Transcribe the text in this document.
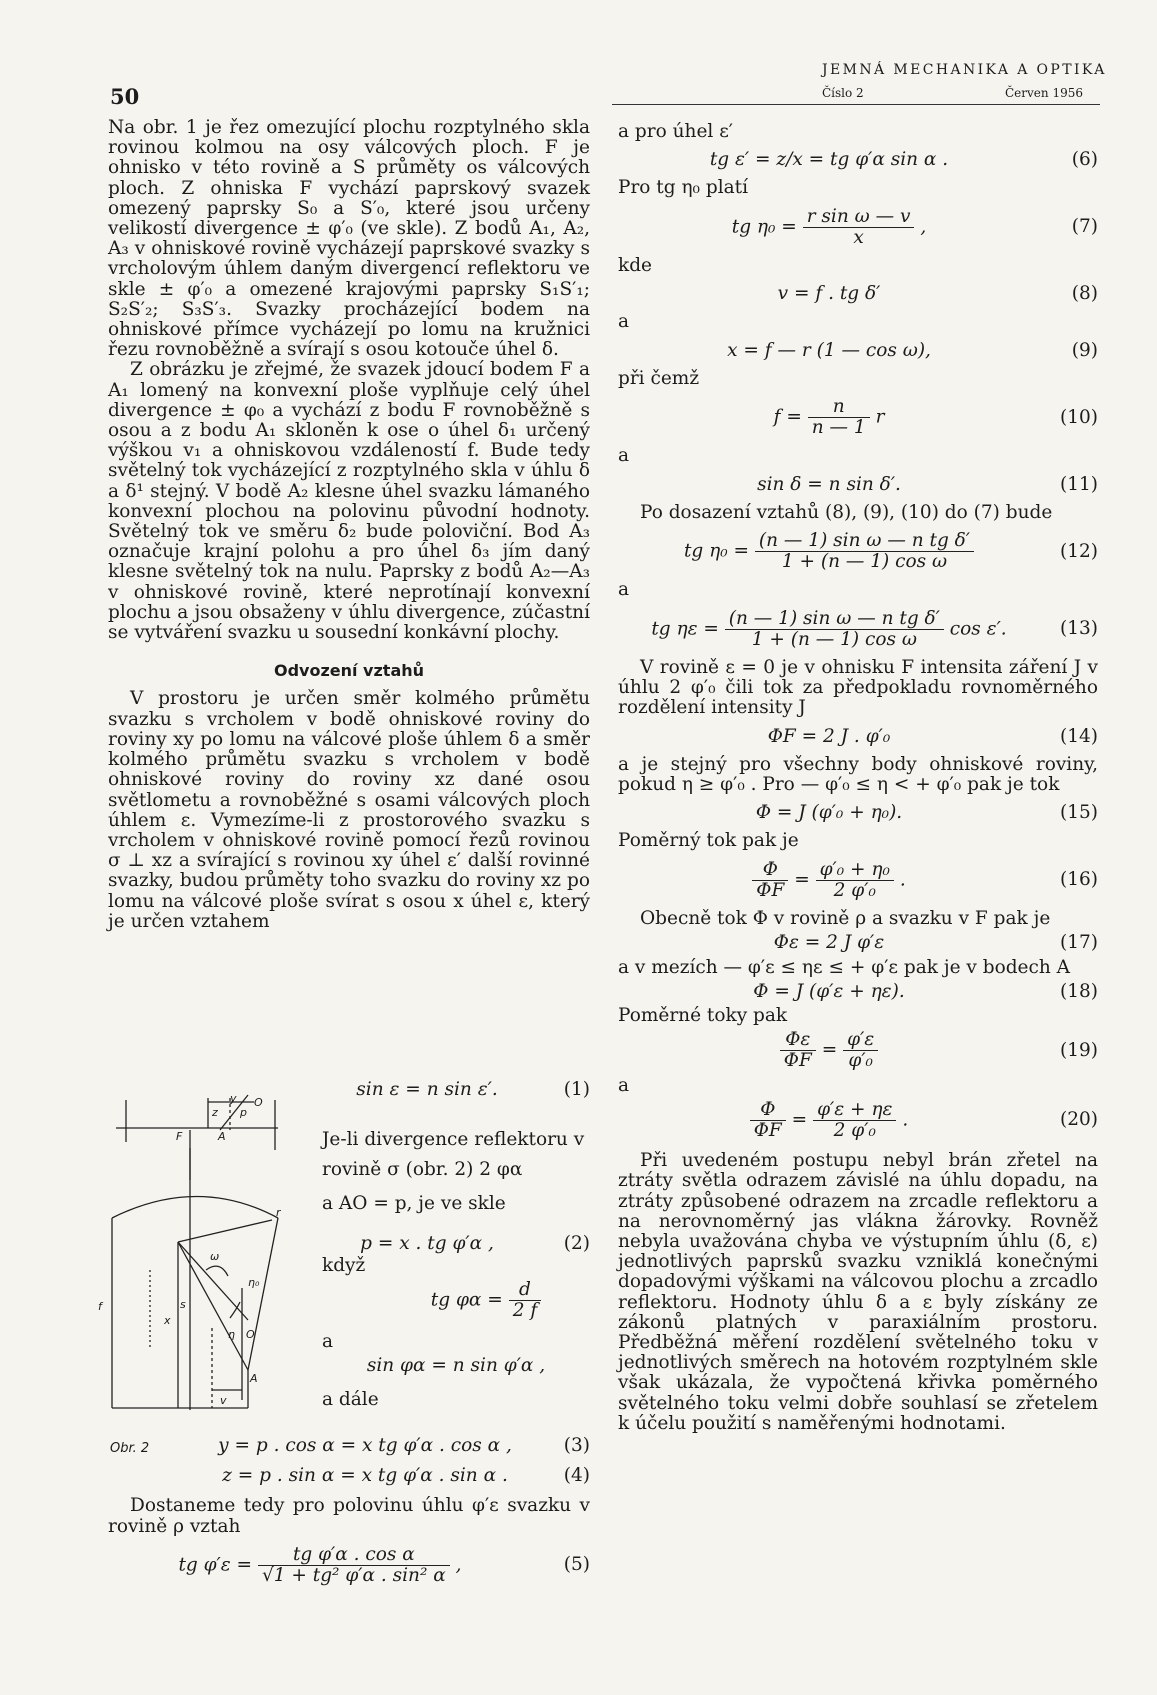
50
JEMNÁ MECHANIKA A OPTIKA
Číslo 2	Červen 1956

Na obr. 1 je řez omezující plochu rozptylného skla rovinou kolmou na osy válcových ploch. F je ohnisko v této rovině a S průměty os válcových ploch. Z ohniska F vychází paprskový svazek omezený paprsky S₀ a S′₀, které jsou určeny velikostí divergence ± φ′₀ (ve skle). Z bodů A₁, A₂, A₃ v ohniskové rovině vycházejí paprskové svazky s vrcholovým úhlem daným divergencí reflektoru ve skle ± φ′₀ a omezené krajovými paprsky S₁S′₁; S₂S′₂; S₃S′₃. Svazky procházející bodem na ohniskové přímce vycházejí po lomu na kružnici řezu rovnoběžně a svírají s osou kotouče úhel δ.

Z obrázku je zřejmé, že svazek jdoucí bodem F a A₁ lomený na konvexní ploše vyplňuje celý úhel divergence ± φ₀ a vychází z bodu F rovnoběžně s osou a z bodu A₁ skloněn k ose o úhel δ₁ určený výškou v₁ a ohniskovou vzdáleností f. Bude tedy světelný tok vycházející z rozptylného skla v úhlu δ a δ¹ stejný. V bodě A₂ klesne úhel svazku lámaného konvexní plochou na polovinu původní hodnoty. Světelný tok ve směru δ₂ bude poloviční. Bod A₃ označuje krajní polohu a pro úhel δ₃ jím daný klesne světelný tok na nulu. Paprsky z bodů A₂—A₃ v ohniskové rovině, které neprotínají konvexní plochu a jsou obsaženy v úhlu divergence, zúčastní se vytváření svazku u sousední konkávní plochy.

Odvození vztahů

V prostoru je určen směr kolmého průmětu svazku s vrcholem v bodě ohniskové roviny do roviny xy po lomu na válcové ploše úhlem δ a směr kolmého průmětu svazku s vrcholem v bodě ohniskové roviny do roviny xz dané osou světlometu a rovnoběžné s osami válcových ploch úhlem ε. Vymezíme-li z prostorového svazku s vrcholem v ohniskové rovině pomocí řezů rovinou σ ⊥ xz a svírající s rovinou xy úhel ε′ další rovinné svazky, budou průměty toho svazku do roviny xz po lomu na válcové ploše svírat s osou x úhel ε, který je určen vztahem

sin ε = n sin ε′.	(1)
Je-li divergence reflektoru v rovině σ (obr. 2) 2 φα
a AO = p, je ve skle
p = x . tg φ′α ,	(2)
když
tg $\varphi\alpha = \frac{d}{2 f}$
a
sin φα = n sin φ′α ,
a dále
y O
z p
F	A
r
ω
η₀
s
x
f
η O
v
A
Obr. 2	y = p . cos α = x tg φ′α . cos α ,	(3)
z = p . sin α = x tg φ′α . sin α .	(4)

Dostaneme tedy pro polovinu úhlu φ′ε svazku v rovině ρ vztah

tg $\varphi'\varepsilon = \frac{\text{tg φ′α . cos α}}{\text{√1 + tg² φ′α . sin² α}}$ ,	(5)
a pro úhel ε′
tg ε′ = z/x = tg φ′α sin α .	(6)
Pro tg η₀ platí
tg $\eta_0 = \frac{\text{r sin ω — v}}{x}$ ,	(7)
kde
v = f . tg δ′	(8)
a
x = f — r (1 — cos ω),	(9)
při čemž
$f = \frac{n}{n — 1}$ r	(10)
a
sin δ = n sin δ′.	(11)

Po dosazení vztahů (8), (9), (10) do (7) bude

tg $\eta_0 = \frac{\text{(n — 1) sin ω — n tg δ′}}{\text{1 + (n — 1) cos ω}}$	(12)
a
tg $\eta\varepsilon = \frac{\text{(n — 1) sin ω — n tg δ′}}{\text{1 + (n — 1) cos ω}}$ cos ε′.	(13)

V rovině ε = 0 je v ohnisku F intensita záření J v úhlu 2 φ′₀ čili tok za předpokladu rovnoměrného rozdělení intensity J

ΦF = 2 J . φ′₀	(14)

a je stejný pro všechny body ohniskové roviny, pokud η ≥ φ′₀ . Pro — φ′₀ ≤ η < + φ′₀ pak je tok

Φ = J (φ′₀ + η₀).	(15)
Poměrný tok pak je
$\frac{\Phi}{\Phi F} = \frac{\text{φ′₀ + η₀}}{\text{2 φ′₀}}$ .	(16)

Obecně tok Φ v rovině ρ a svazku v F pak je

Φε = 2 J φ′ε	(17)
a v mezích — φ′ε ≤ ηε ≤ + φ′ε pak je v bodech A
Φ = J (φ′ε + ηε).	(18)
Poměrné toky pak
$\frac{\Phi\varepsilon}{\Phi F} = \frac{\varphi'\varepsilon}{\text{φ′₀}}$	(19)
a
$\frac{\Phi}{\Phi F} = \frac{\varphi'\varepsilon + \eta\varepsilon}{\text{2 φ′₀}}$ .	(20)

Při uvedeném postupu nebyl brán zřetel na ztráty světla odrazem závislé na úhlu dopadu, na ztráty způsobené odrazem na zrcadle reflektoru a na nerovnoměrný jas vlákna žárovky. Rovněž nebyla uvažována chyba ve výstupním úhlu (δ, ε) jednotlivých paprsků svazku vzniklá konečnými dopadovými výškami na válcovou plochu a zrcadlo reflektoru. Hodnoty úhlu δ a ε byly získány ze zákonů platných v paraxiálním prostoru. Předběžná měření rozdělení světelného toku v jednotlivých směrech na hotovém rozptylném skle však ukázala, že vypočtená křivka poměrného světelného toku velmi dobře souhlasí se zřetelem k účelu použití s naměřenými hodnotami.
